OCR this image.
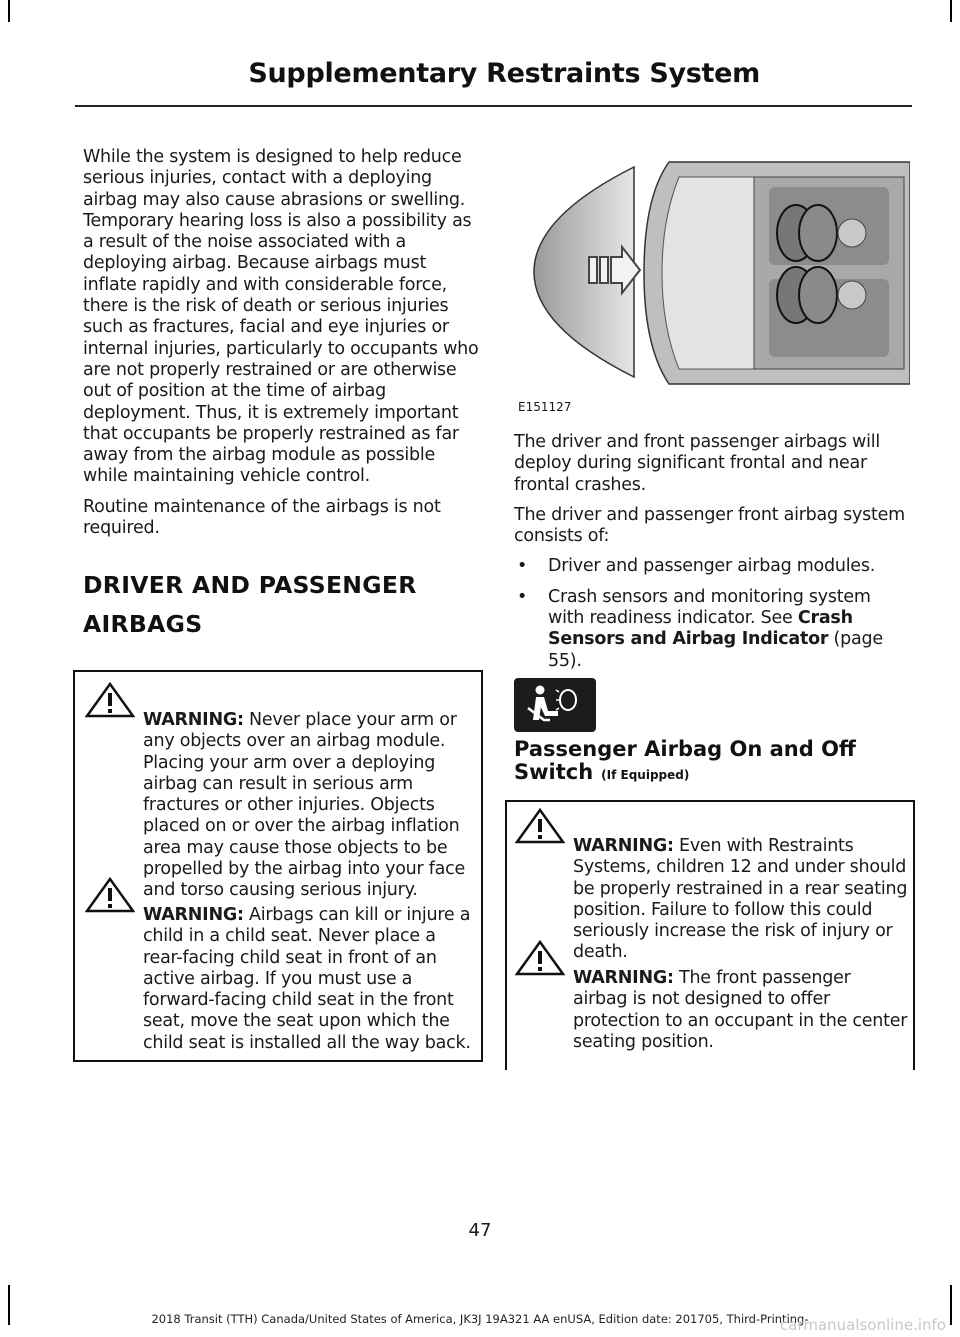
Supplementary Restraints System

While the system is designed to help reduce serious injuries, contact with a deploying airbag may also cause abrasions or swelling. Temporary hearing loss is also a possibility as a result of the noise associated with a deploying airbag. Because airbags must inflate rapidly and with considerable force, there is the risk of death or serious injuries such as fractures, facial and eye injuries or internal injuries, particularly to occupants who are not properly restrained or are otherwise out of position at the time of airbag deployment. Thus, it is extremely important that occupants be properly restrained as far away from the airbag module as possible while maintaining vehicle control.

Routine maintenance of the airbags is not required.

DRIVER AND PASSENGER
AIRBAGS
WARNING: Never place your arm or any objects over an airbag module. Placing your arm over a deploying airbag can result in serious arm fractures or other injuries. Objects placed on or over the airbag inflation area may cause those objects to be propelled by the airbag into your face and torso causing serious injury.
WARNING: Airbags can kill or injure a child in a child seat. Never place a rear-facing child seat in front of an active airbag. If you must use a forward-facing child seat in the front seat, move the seat upon which the child seat is installed all the way back.
E151127

The driver and front passenger airbags will deploy during significant frontal and near frontal crashes.

The driver and passenger front airbag system consists of:

• Driver and passenger airbag modules.
• Crash sensors and monitoring system with readiness indicator. See Crash Sensors and Airbag Indicator (page 55).
Passenger Airbag On and Off Switch (If Equipped)
WARNING: Even with Restraints Systems, children 12 and under should be properly restrained in a rear seating position. Failure to follow this could seriously increase the risk of injury or death.
WARNING: The front passenger airbag is not designed to offer protection to an occupant in the center seating position.
47
2018 Transit (TTH) Canada/United States of America, JK3J 19A321 AA enUSA, Edition date: 201705, Third-Printing-
carmanualsonline.info
